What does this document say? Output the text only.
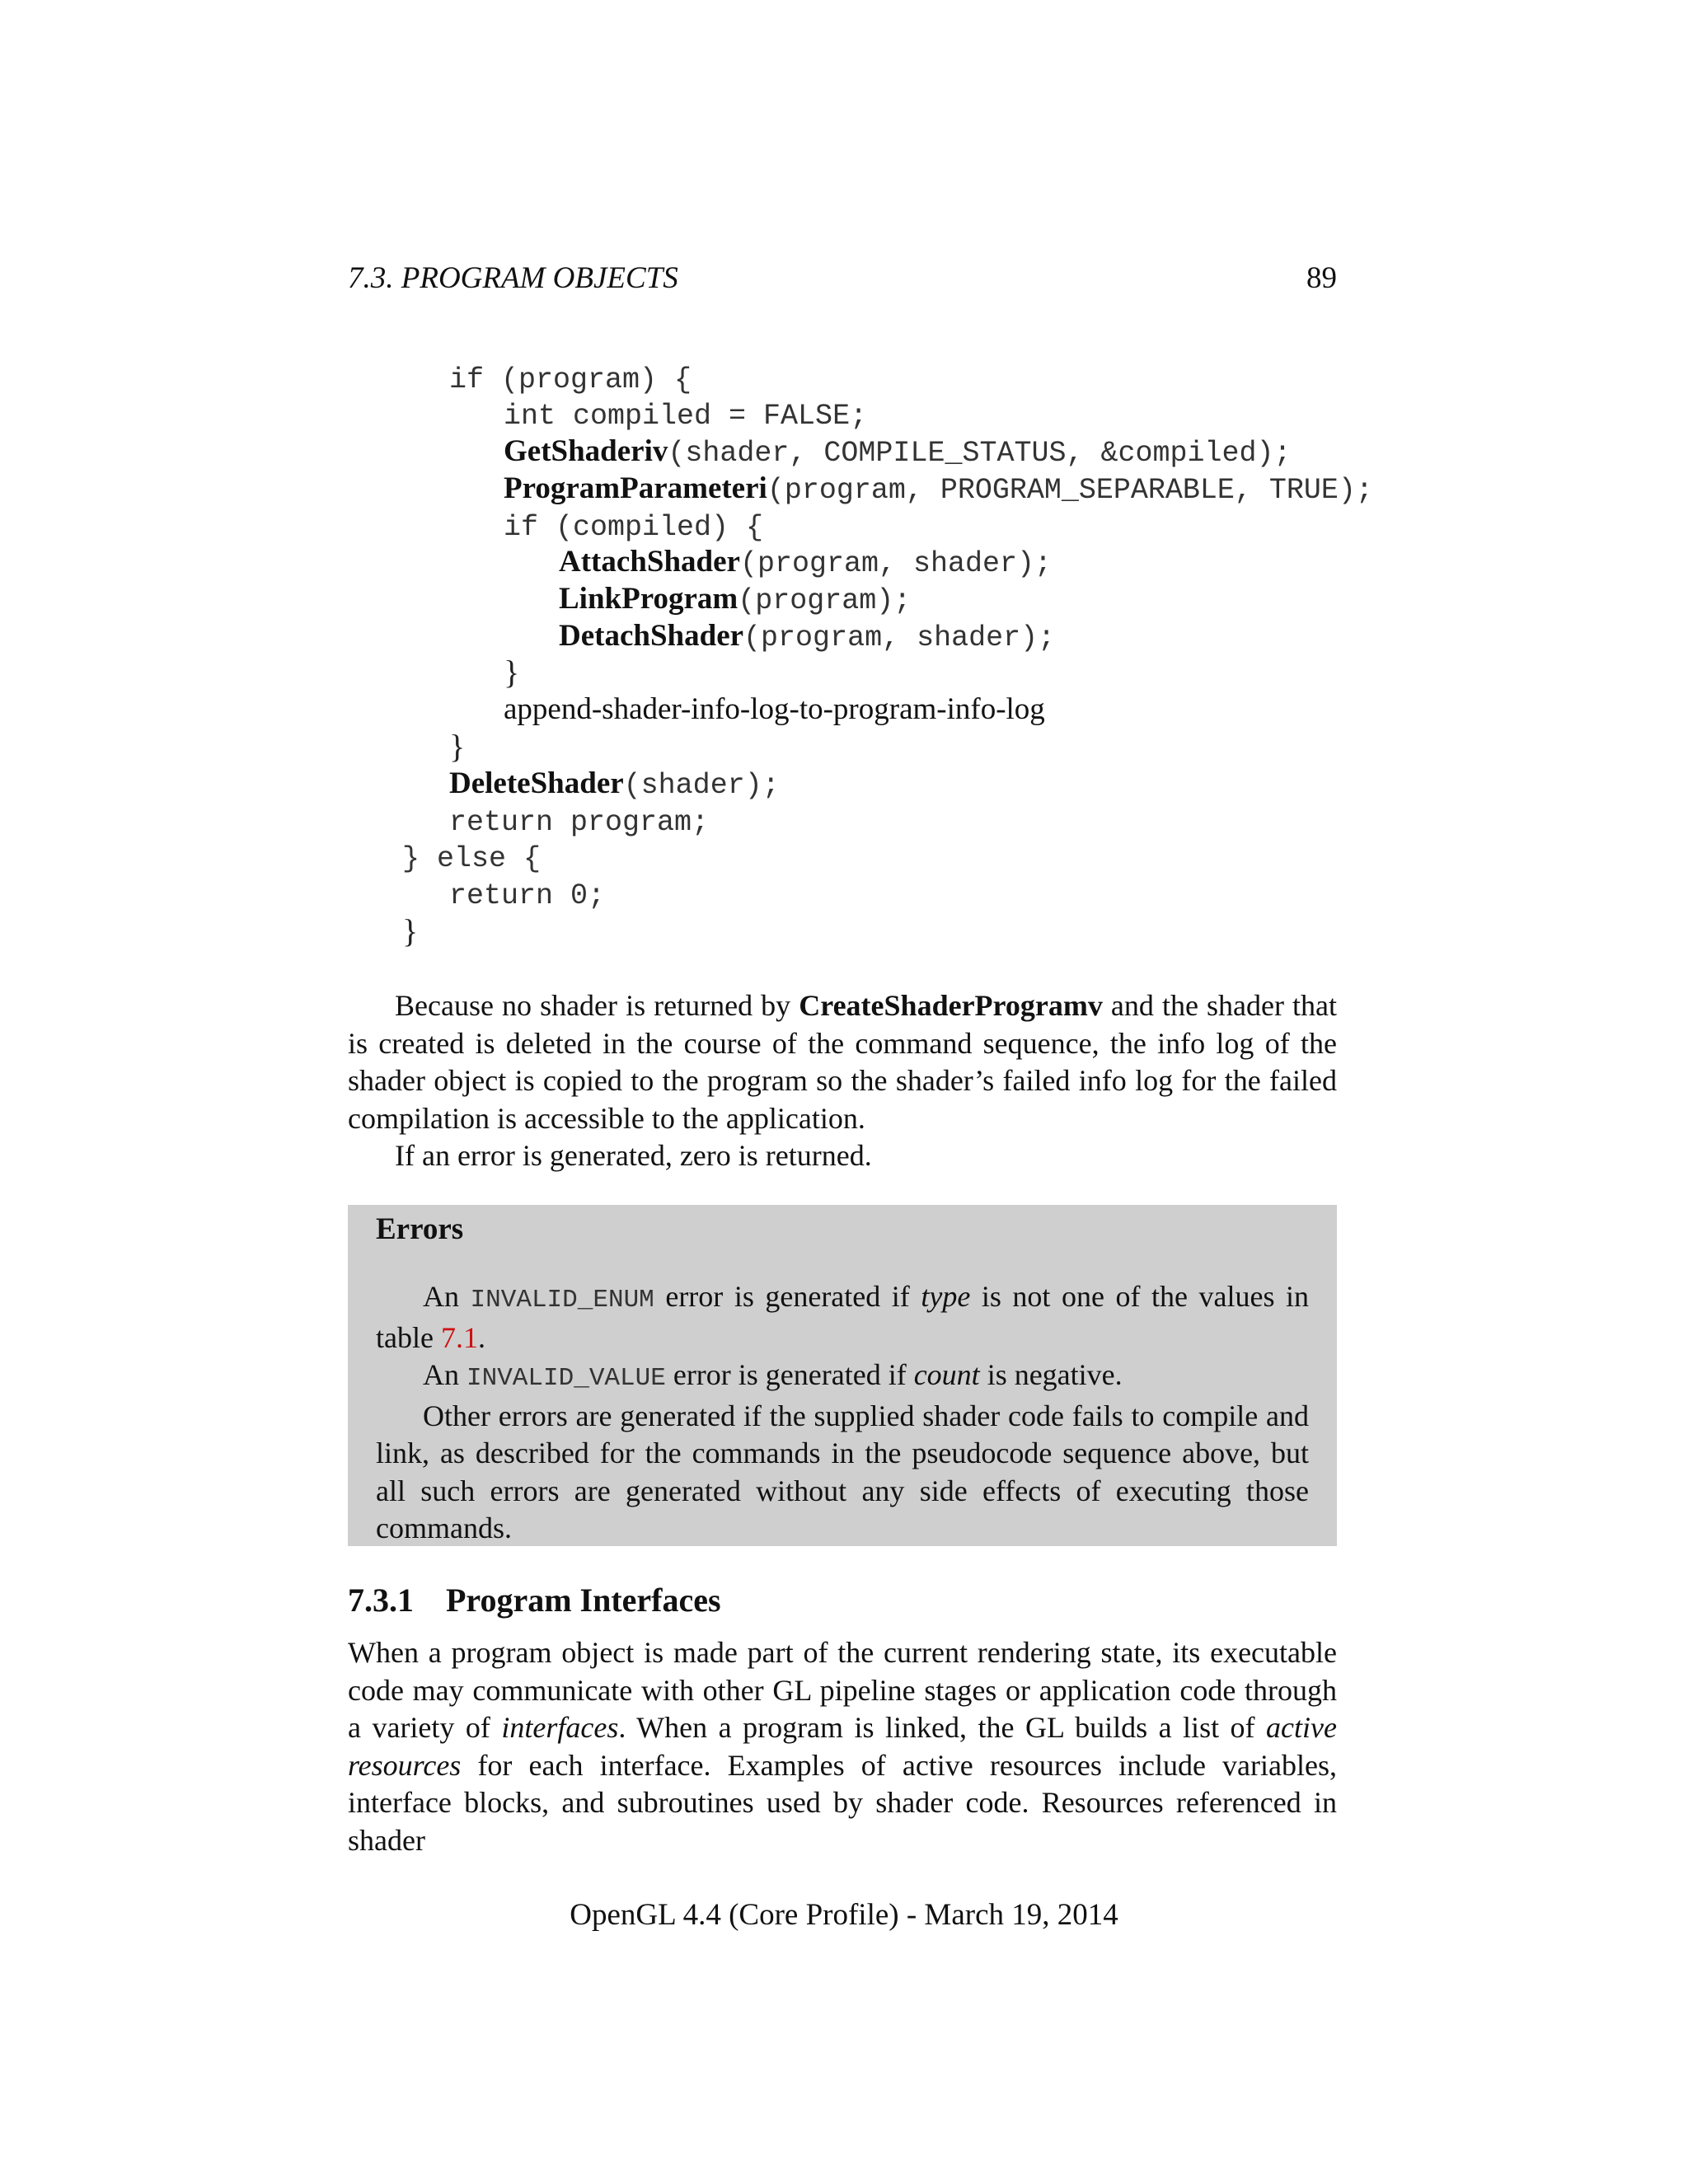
7.3. PROGRAM OBJECTS	89
if (program) {
int compiled = FALSE;
GetShaderiv(shader, COMPILE_STATUS, &compiled);
ProgramParameteri(program, PROGRAM_SEPARABLE, TRUE);
if (compiled) {
AttachShader(program, shader);
LinkProgram(program);
DetachShader(program, shader);
}
append-shader-info-log-to-program-info-log
}
DeleteShader(shader);
return program;
} else {
return 0;
}

Because no shader is returned by CreateShaderProgramv and the shader that is created is deleted in the course of the command sequence, the info log of the shader object is copied to the program so the shader’s failed info log for the failed compilation is accessible to the application.

If an error is generated, zero is returned.

Errors

An INVALID_ENUM error is generated if type is not one of the values in table 7.1.

An INVALID_VALUE error is generated if count is negative.

Other errors are generated if the supplied shader code fails to compile and link, as described for the commands in the pseudocode sequence above, but all such errors are generated without any side effects of executing those commands.

7.3.1 Program Interfaces

When a program object is made part of the current rendering state, its executable code may communicate with other GL pipeline stages or application code through a variety of interfaces. When a program is linked, the GL builds a list of active resources for each interface. Examples of active resources include variables, interface blocks, and subroutines used by shader code. Resources referenced in shader

OpenGL 4.4 (Core Profile) - March 19, 2014
